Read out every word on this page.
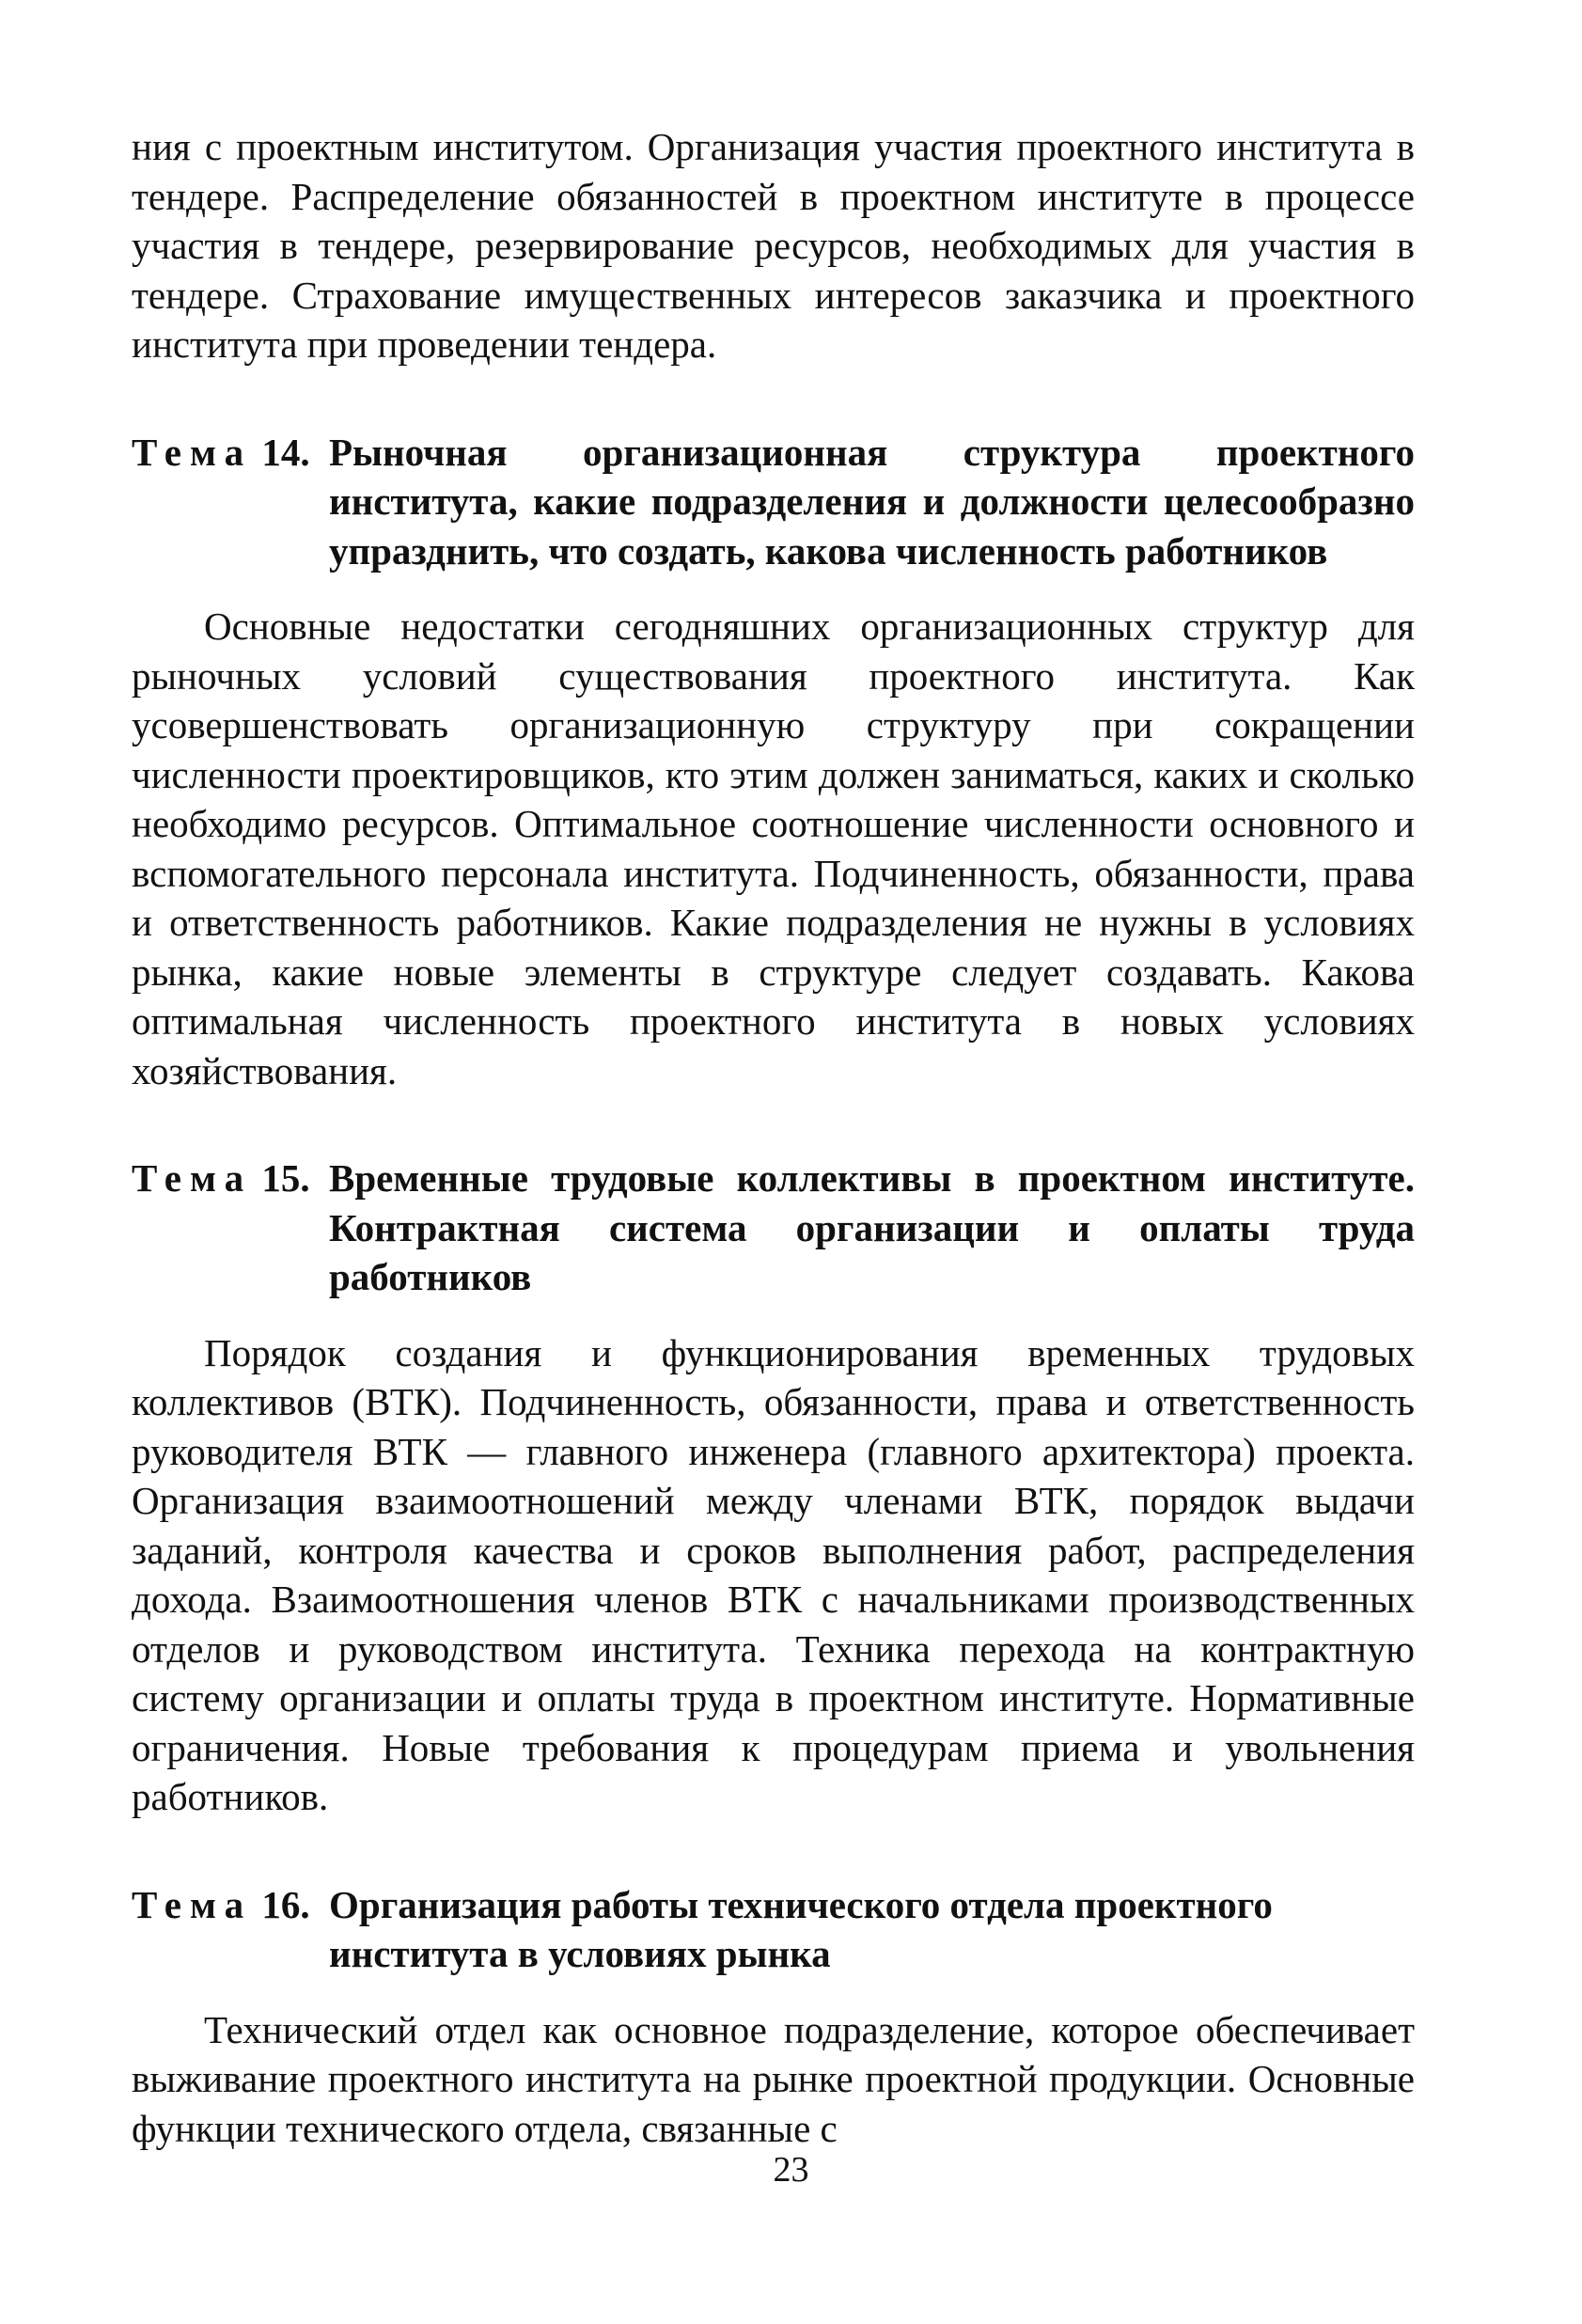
ния с проектным институтом. Организация участия проектного института в тендере. Распределение обязанностей в проектном институте в процессе участия в тендере, резервирование ресурсов, необходимых для участия в тендере. Страхование имущественных интересов заказчика и проектного института при проведении тендера.

Тема 14. Рыночная организационная структура проектного института, какие подразделения и должности целесообразно упразднить, что создать, какова численность работников

Основные недостатки сегодняшних организационных структур для рыночных условий существования проектного института. Как усовершенствовать организационную структуру при сокращении численности проектировщиков, кто этим должен заниматься, каких и сколько необходимо ресурсов. Оптимальное соотношение численности основного и вспомогательного персонала института. Подчиненность, обязанности, права и ответственность работников. Какие подразделения не нужны в условиях рынка, какие новые элементы в структуре следует создавать. Какова оптимальная численность проектного института в новых условиях хозяйствования.

Тема 15. Временные трудовые коллективы в проектном институте. Контрактная система организации и оплаты труда работников

Порядок создания и функционирования временных трудовых коллективов (ВТК). Подчиненность, обязанности, права и ответственность руководителя ВТК — главного инженера (главного архитектора) проекта. Организация взаимоотношений между членами ВТК, порядок выдачи заданий, контроля качества и сроков выполнения работ, распределения дохода. Взаимоотношения членов ВТК с начальниками производственных отделов и руководством института. Техника перехода на контрактную систему организации и оплаты труда в проектном институте. Нормативные ограничения. Новые требования к процедурам приема и увольнения работников.

Тема 16. Организация работы технического отдела проектного института в условиях рынка

Технический отдел как основное подразделение, которое обеспечивает выживание проектного института на рынке проектной продукции. Основные функции технического отдела, связанные с

23
